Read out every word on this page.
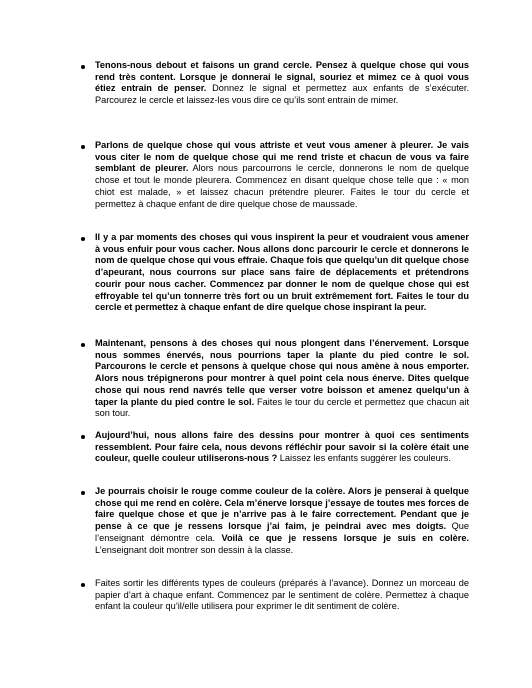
Tenons-nous debout et faisons un grand cercle. Pensez à quelque chose qui vous rend très content. Lorsque je donnerai le signal, souriez et mimez ce à quoi vous étiez entrain de penser. Donnez le signal et permettez aux enfants de s’exécuter. Parcourez le cercle et laissez-les vous dire ce qu’ils sont entrain de mimer.
Parlons de quelque chose qui vous attriste et veut vous amener à pleurer. Je vais vous citer le nom de quelque chose qui me rend triste et chacun de vous va faire semblant de pleurer. Alors nous parcourrons le cercle, donnerons le nom de quelque chose et tout le monde pleurera. Commencez en disant quelque chose telle que : « mon chiot est malade, » et laissez chacun prétendre pleurer. Faites le tour du cercle et permettez à chaque enfant de dire quelque chose de maussade.
Il y a par moments des choses qui vous inspirent la peur et voudraient vous amener à vous enfuir pour vous cacher. Nous allons donc parcourir le cercle et donnerons le nom de quelque chose qui vous effraie. Chaque fois que quelqu’un dit quelque chose d’apeurant, nous courrons sur place sans faire de déplacements et prétendrons courir pour nous cacher. Commencez par donner le nom de quelque chose qui est effroyable tel qu’un tonnerre très fort ou un bruit extrêmement fort. Faites le tour du cercle et permettez à chaque enfant de dire quelque chose inspirant la peur.
Maintenant, pensons à des choses qui nous plongent dans l’énervement. Lorsque nous sommes énervés, nous pourrions taper la plante du pied contre le sol. Parcourons le cercle et pensons à quelque chose qui nous amène à nous emporter. Alors nous trépignerons pour montrer à quel point cela nous énerve. Dites quelque chose qui nous rend navrés telle que verser votre boisson et amenez quelqu’un à taper la plante du pied contre le sol. Faites le tour du cercle et permettez que chacun ait son tour.
Aujourd’hui, nous allons faire des dessins pour montrer à quoi ces sentiments ressemblent. Pour faire cela, nous devons réfléchir pour savoir si la colère était une couleur, quelle couleur utiliserons-nous ? Laissez les enfants suggérer les couleurs.
Je pourrais choisir le rouge comme couleur de la colère. Alors je penserai à quelque chose qui me rend en colère. Cela m’énerve lorsque j’essaye de toutes mes forces de faire quelque chose et que je n’arrive pas à le faire correctement. Pendant que je pense à ce que je ressens lorsque j’ai faim, je peindrai avec mes doigts. Que l’enseignant démontre cela. Voilà ce que je ressens lorsque je suis en colère. L’enseignant doit montrer son dessin à la classe.
Faites sortir les différents types de couleurs (préparés à l’avance). Donnez un morceau de papier d’art à chaque enfant. Commencez par le sentiment de colère. Permettez à chaque enfant la couleur qu’il/elle utilisera pour exprimer le dit sentiment de colère.
